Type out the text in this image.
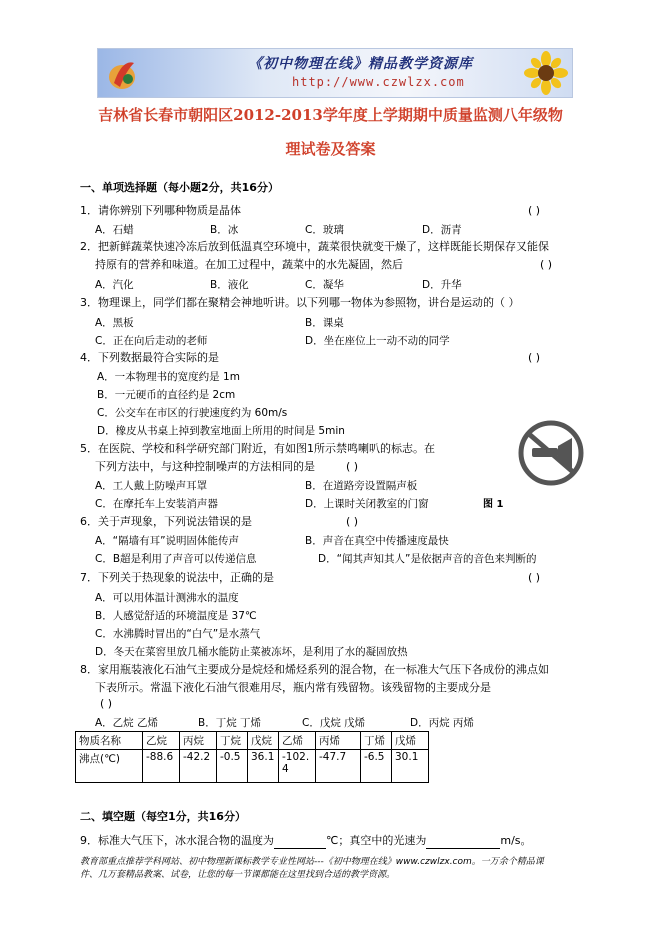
《初中物理在线》精品教学资源库
http://www.czwlzx.com
吉林省长春市朝阳区2012-2013学年度上学期期中质量监测八年级物
理试卷及答案
一、单项选择题（每小题2分，共16分）
1．请你辨别下列哪种物质是晶体	( )
A．石蜡	B．冰	C．玻璃	D．沥青
2．把新鲜蔬菜快速冷冻后放到低温真空环境中，蔬菜很快就变干燥了，这样既能长期保存又能保
持原有的营养和味道。在加工过程中，蔬菜中的水先凝固，然后	( )
A．汽化	B．液化	C．凝华	D．升华
3．物理课上，同学们都在聚精会神地听讲。以下列哪一物体为参照物，讲台是运动的（ ）
A．黑板	B．课桌
C．正在向后走动的老师	D．坐在座位上一动不动的同学
4．下列数据最符合实际的是	( )
A．一本物理书的宽度约是 1m
B．一元硬币的直径约是 2cm
C．公交车在市区的行驶速度约为 60m/s
D．橡皮从书桌上掉到教室地面上所用的时间是 5min
5．在医院、学校和科学研究部门附近，有如图1所示禁鸣喇叭的标志。在
下列方法中，与这种控制噪声的方法相同的是	( )
A．工人戴上防噪声耳罩	B．在道路旁设置隔声板
C．在摩托车上安装消声器	D．上课时关闭教室的门窗	图 1
6．关于声现象，下列说法错误的是	( )
A．“隔墙有耳”说明固体能传声	B．声音在真空中传播速度最快
C．B超是利用了声音可以传递信息	D．“闻其声知其人”是依据声音的音色来判断的
7．下列关于热现象的说法中，正确的是	( )
A．可以用体温计测沸水的温度
B．人感觉舒适的环境温度是 37℃
C．水沸腾时冒出的“白气”是水蒸气
D．冬天在菜窖里放几桶水能防止菜被冻坏，是利用了水的凝固放热
8．家用瓶装液化石油气主要成分是烷烃和烯烃系列的混合物，在一标准大气压下各成份的沸点如
下表所示。常温下液化石油气很难用尽，瓶内常有残留物。该残留物的主要成分是
( )
A．乙烷 乙烯	B．丁烷 丁烯	C．戊烷 戊烯	D．丙烷 丙烯
物质名称	乙烷	丙烷	丁烷	戊烷	乙烯	丙烯	丁烯	戊烯
沸点(℃)	-88.6	-42.2	-0.5	36.1	-102.4	-47.7	-6.5	30.1
二、填空题（每空1分，共16分）
9．标准大气压下，冰水混合物的温度为	℃；真空中的光速为	m/s。
教育部重点推荐学科网站、初中物理新课标教学专业性网站---《初中物理在线》www.czwlzx.com。一万余个精品课
件、几万套精品教案、试卷，让您的每一节课都能在这里找到合适的教学资源。
